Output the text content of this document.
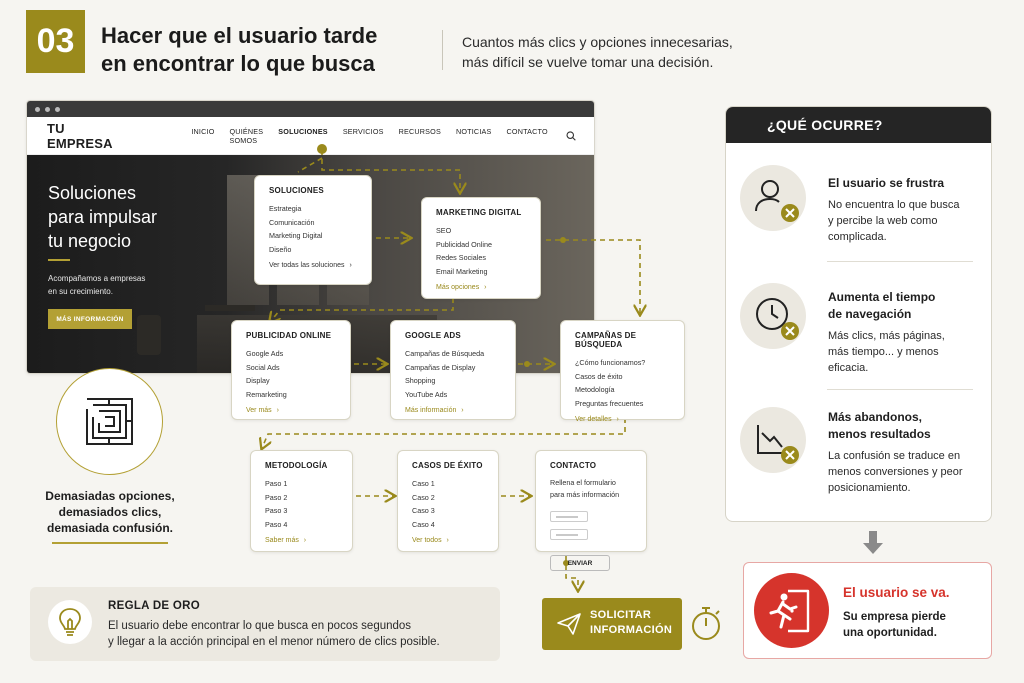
03	Hacer que el usuario tarde
en encontrar lo que busca
Cuantos más clics y opciones innecesarias,
más difícil se vuelve tomar una decisión.
TU EMPRESA
INICIO QUIÉNES SOMOS
SOLUCIONES SERVICIOS RECURSOS NOTICIAS CONTACTO
Soluciones
para impulsar
tu negocio

Acompañamos a empresas
en su crecimiento.

MÁS INFORMACIÓN
SOLUCIONES
Estrategia
Comunicación
Marketing Digital
Diseño
Ver todas las soluciones ›
MARKETING DIGITAL
SEO
Publicidad Online
Redes Sociales
Email Marketing
Más opciones ›
PUBLICIDAD ONLINE
Google Ads
Social Ads
Display
Remarketing
Ver más ›
GOOGLE ADS
Campañas de Búsqueda
Campañas de Display
Shopping
YouTube Ads
Más información ›
CAMPAÑAS DE BÚSQUEDA
¿Cómo funcionamos?
Casos de éxito
Metodología
Preguntas frecuentes
Ver detalles ›
METODOLOGÍA
Paso 1
Paso 2
Paso 3
Paso 4
Saber más ›
CASOS DE ÉXITO
Caso 1
Caso 2
Caso 3
Caso 4
Ver todos ›
CONTACTO
Rellena el formulario
para más información
ENVIAR
Demasiadas opciones,
demasiados clics,
demasiada confusión.
REGLA DE ORO
El usuario debe encontrar lo que busca en pocos segundos
y llegar a la acción principal en el menor número de clics posible.
SOLICITAR
INFORMACIÓN
¿QUÉ OCURRE?
El usuario se frustra
No encuentra lo que busca
y percibe la web como
complicada.
Aumenta el tiempo
de navegación
Más clics, más páginas,
más tiempo... y menos
eficacia.
Más abandonos,
menos resultados
La confusión se traduce en
menos conversiones y peor
posicionamiento.
El usuario se va.
Su empresa pierde
una oportunidad.
